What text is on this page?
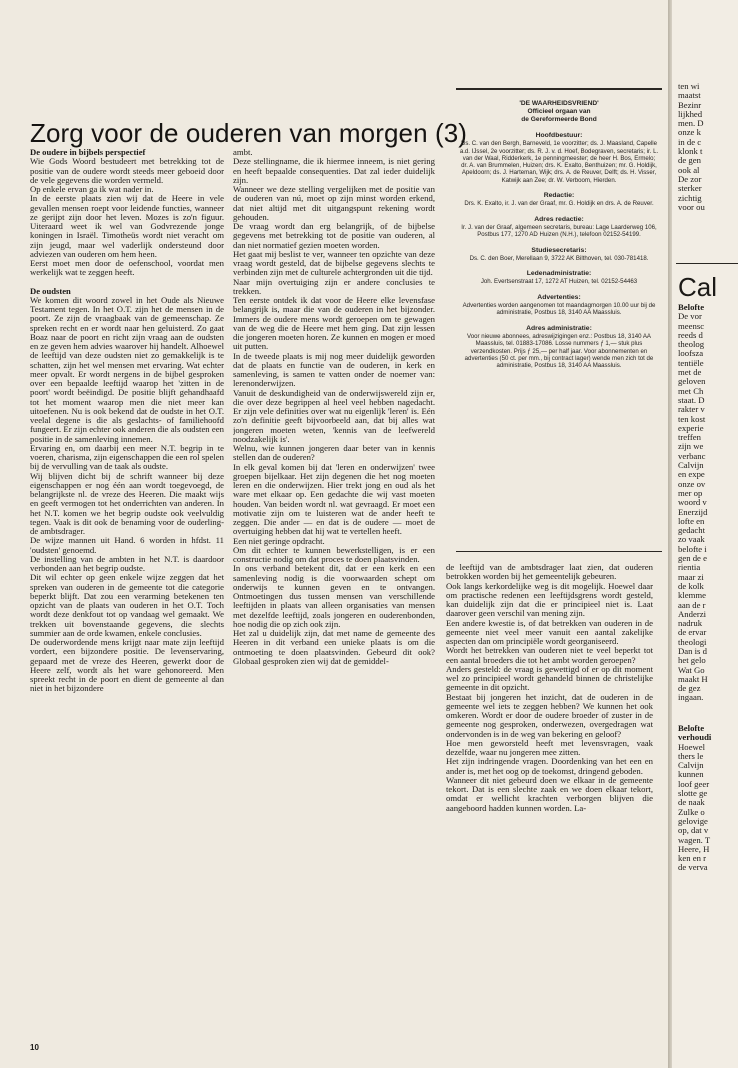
Zorg voor de ouderen van morgen (3)
De oudere in bijbels perspectief

Wie Gods Woord bestudeert met betrekking tot de positie van de oudere wordt steeds meer geboeid door de vele gegevens die worden vermeld.

Op enkele ervan ga ik wat nader in.

In de eerste plaats zien wij dat de Heere in vele gevallen mensen roept voor leidende functies, wanneer ze gerijpt zijn door het leven. Mozes is zo'n figuur. Uiteraard weet ik wel van Godvrezende jonge koningen in Israël. Timotheüs wordt niet veracht om zijn jeugd, maar wel vaderlijk ondersteund door adviezen van ouderen om hem heen.

Eerst moet men door de oefenschool, voordat men werkelijk wat te zeggen heeft.

De oudsten

We komen dit woord zowel in het Oude als Nieuwe Testament tegen. In het O.T. zijn het de mensen in de poort. Ze zijn de vraagbaak van de gemeenschap. Ze spreken recht en er wordt naar hen geluisterd. Zo gaat Boaz naar de poort en richt zijn vraag aan de oudsten en ze geven hem advies waarover hij handelt. Alhoewel de leeftijd van deze oudsten niet zo gemakkelijk is te schatten, zijn het wel mensen met ervaring. Wat echter meer opvalt. Er wordt nergens in de bijbel gesproken over een bepaalde leeftijd waarop het 'zitten in de poort' wordt beëindigd. De positie blijft gehandhaafd tot het moment waarop men die niet meer kan uitoefenen. Nu is ook bekend dat de oudste in het O.T. veelal degene is die als geslachts- of familiehoofd fungeert. Er zijn echter ook anderen die als oudsten een positie in de samenleving innemen.

Ervaring en, om daarbij een meer N.T. begrip in te voeren, charisma, zijn eigenschappen die een rol spelen bij de vervulling van de taak als oudste.

Wij blijven dicht bij de schrift wanneer bij deze eigenschappen er nog één aan wordt toegevoegd, de belangrijkste nl. de vreze des Heeren. Die maakt wijs en geeft vermogen tot het onderrichten van anderen. In het N.T. komen we het begrip oudste ook veelvuldig tegen. Vaak is dit ook de benaming voor de ouderling- de ambtsdrager.

De wijze mannen uit Hand. 6 worden in hfdst. 11 'oudsten' genoemd.

De instelling van de ambten in het N.T. is daardoor verbonden aan het begrip oudste.

Dit wil echter op geen enkele wijze zeggen dat het spreken van ouderen in de gemeente tot die categorie beperkt blijft. Dat zou een verarming betekenen ten opzicht van de plaats van ouderen in het O.T. Toch wordt deze denkfout tot op vandaag wel gemaakt. We trekken uit bovenstaande gegevens, die slechts summier aan de orde kwamen, enkele conclusies.

De ouderwordende mens krijgt naar mate zijn leeftijd vordert, een bijzondere positie. De levenservaring, gepaard met de vreze des Heeren, gewerkt door de Heere zelf, wordt als het ware gehonoreerd. Men spreekt recht in de poort en dient de gemeente al dan niet in het bijzondere

ambt.

Deze stellingname, die ik hiermee inneem, is niet gering en heeft bepaalde consequenties. Dat zal ieder duidelijk zijn.

Wanneer we deze stelling vergelijken met de positie van de ouderen van nú, moet op zijn minst worden erkend, dat niet altijd met dit uitgangspunt rekening wordt gehouden.

De vraag wordt dan erg belangrijk, of de bijbelse gegevens met betrekking tot de positie van ouderen, al dan niet normatief gezien moeten worden.

Het gaat mij beslist te ver, wanneer ten opzichte van deze vraag wordt gesteld, dat de bijbelse gegevens slechts te verbinden zijn met de culturele achtergronden uit die tijd.

Naar mijn overtuiging zijn er andere conclusies te trekken.

Ten eerste ontdek ik dat voor de Heere elke levensfase belangrijk is, maar die van de ouderen in het bijzonder. Immers de oudere mens wordt geroepen om te gewagen van de weg die de Heere met hem ging. Dat zijn lessen die jongeren moeten horen. Ze kunnen en mogen er moed uit putten.

In de tweede plaats is mij nog meer duidelijk geworden dat de plaats en functie van de ouderen, in kerk en samenleving, is samen te vatten onder de noemer van: lerenonderwijzen.

Vanuit de deskundigheid van de onderwijswereld zijn er, die over deze begrippen al heel veel hebben nagedacht. Er zijn vele definities over wat nu eigenlijk 'leren' is. Eén zo'n definitie geeft bijvoorbeeld aan, dat bij alles wat jongeren moeten weten, 'kennis van de leefwereld noodzakelijk is'.

Welnu, wie kunnen jongeren daar beter van in kennis stellen dan de ouderen?

In elk geval komen bij dat 'leren en onderwijzen' twee groepen bijelkaar. Het zijn degenen die het nog moeten leren en die onderwijzen. Hier trekt jong en oud als het ware met elkaar op. Een gedachte die wij vast moeten houden. Van beiden wordt nl. wat gevraagd. Er moet een motivatie zijn om te luisteren wat de ander heeft te zeggen. Die ander — en dat is de oudere — moet de overtuiging hebben dat hij wat te vertellen heeft.

Een niet geringe opdracht.

Om dit echter te kunnen bewerkstelligen, is er een constructie nodig om dat proces te doen plaatsvinden.

In ons verband betekent dit, dat er een kerk en een samenleving nodig is die voorwaarden schept om onderwijs te kunnen geven en te ontvangen. Ontmoetingen dus tussen mensen van verschillende leeftijden in plaats van alleen organisaties van mensen met dezelfde leeftijd, zoals jongeren en ouderenbonden, hoe nodig die op zich ook zijn.

Het zal u duidelijk zijn, dat met name de gemeente des Heeren in dit verband een unieke plaats is om die ontmoeting te doen plaatsvinden. Gebeurd dit ook? Globaal gesproken zien wij dat de gemiddel-

'DE WAARHEIDSVRIEND'
Officieel orgaan van
de Gereformeerde Bond
Hoofdbestuur:

Ds. C. van den Bergh, Barneveld, 1e voorzitter; ds. J. Maasland, Capelle a.d. IJssel, 2e voorzitter; ds. R. J. v. d. Hoef, Bodegraven, secretaris; ir. L. van der Waal, Ridderkerk, 1e penningmeester; de heer H. Bos, Ermelo; dr. A. van Brummelen, Huizen; drs. K. Exalto, Benthuizen; mr. G. Holdijk, Apeldoorn; ds. J. Harteman, Wijk; drs. A. de Reuver, Delft; ds. H. Visser, Katwijk aan Zee; dr. W. Verboom, Hierden.

Redactie:

Drs. K. Exalto, ir. J. van der Graaf, mr. G. Holdijk en drs. A. de Reuver.

Adres redactie:

Ir. J. van der Graaf, algemeen secretaris, bureau: Lage Laarderweg 106, Postbus 177, 1270 AD Huizen (N.H.), telefoon 02152-54199.

Studiesecretaris:

Ds. C. den Boer, Merellaan 9, 3722 AK Bilthoven, tel. 030-781418.

Ledenadministratie:

Joh. Evertsenstraat 17, 1272 AT Huizen, tel. 02152-54463

Advertenties:

Advertenties worden aangenomen tot maandagmorgen 10.00 uur bij de administratie, Postbus 18, 3140 AA Maassluis.

Adres administratie:

Voor nieuwe abonnees, adreswijzigingen enz.: Postbus 18, 3140 AA Maassluis, tel. 01883-17086. Losse nummers ƒ 1,— stuk plus verzendkosten. Prijs ƒ 25,— per half jaar. Voor abonnementen en advertenties (50 ct. per mm., bij contract lager) wende men zich tot de administratie, Postbus 18, 3140 AA Maassluis.

de leeftijd van de ambtsdrager laat zien, dat ouderen betrokken worden bij het gemeentelijk gebeuren.

Ook langs kerkordelijke weg is dit mogelijk. Hoewel daar om practische redenen een leeftijdsgrens wordt gesteld, kan duidelijk zijn dat die er principieel niet is. Laat daarover geen verschil van mening zijn.

Een andere kwestie is, of dat betrekken van ouderen in de gemeente niet veel meer vanuit een aantal zakelijke aspecten dan om principiële wordt georganiseerd.

Wordt het betrekken van ouderen niet te veel beperkt tot een aantal broeders die tot het ambt worden geroepen?

Anders gesteld: de vraag is gewettigd of er op dit moment wel zo principieel wordt gehandeld binnen de christelijke gemeente in dit opzicht.

Bestaat bij jongeren het inzicht, dat de ouderen in de gemeente wel iets te zeggen hebben? We kunnen het ook omkeren. Wordt er door de oudere broeder of zuster in de gemeente nog gesproken, onderwezen, overgedragen wat ondervonden is in de weg van bekering en geloof?

Hoe men geworsteld heeft met levensvragen, vaak dezelfde, waar nu jongeren mee zitten.

Het zijn indringende vragen. Doordenking van het een en ander is, met het oog op de toekomst, dringend geboden.

Wanneer dit niet gebeurd doen we elkaar in de gemeente tekort. Dat is een slechte zaak en we doen elkaar tekort, omdat er wellicht krachten verborgen blijven die aangeboord hadden kunnen worden. La-

10
ten wi
maatst
Bezinr
lijkhed
men. D
onze k
in de c
klonk t
de gen
ook al
De zor
sterker
zichtig
voor ou
Cal
Belofte
De vor
meensc
reeds d
theolog
loofsza
tentiële
met de
geloven
met Ch
staat. D
rakter v
ten kost
experie
treffen
zijn we
verbanc
Calvijn
en expe
onze ov
mer op
woord v
Enerzijd
lofte en
gedacht
zo vaak
belofte i
gen de e
rientia
maar zi
de kolk
klemme
aan de r
Anderzi
nadruk
de ervar
theologi
Dan is d
het gelo
Wat Go
maakt H
de gez
ingaan.
Belofte
verhoudi
Hoewel
thers le
Calvijn
kunnen
loof geer
slotte ge
de naak
Zulke o
gelovige
op, dat v
wagen. T
Heere, H
ken en r
de verva
